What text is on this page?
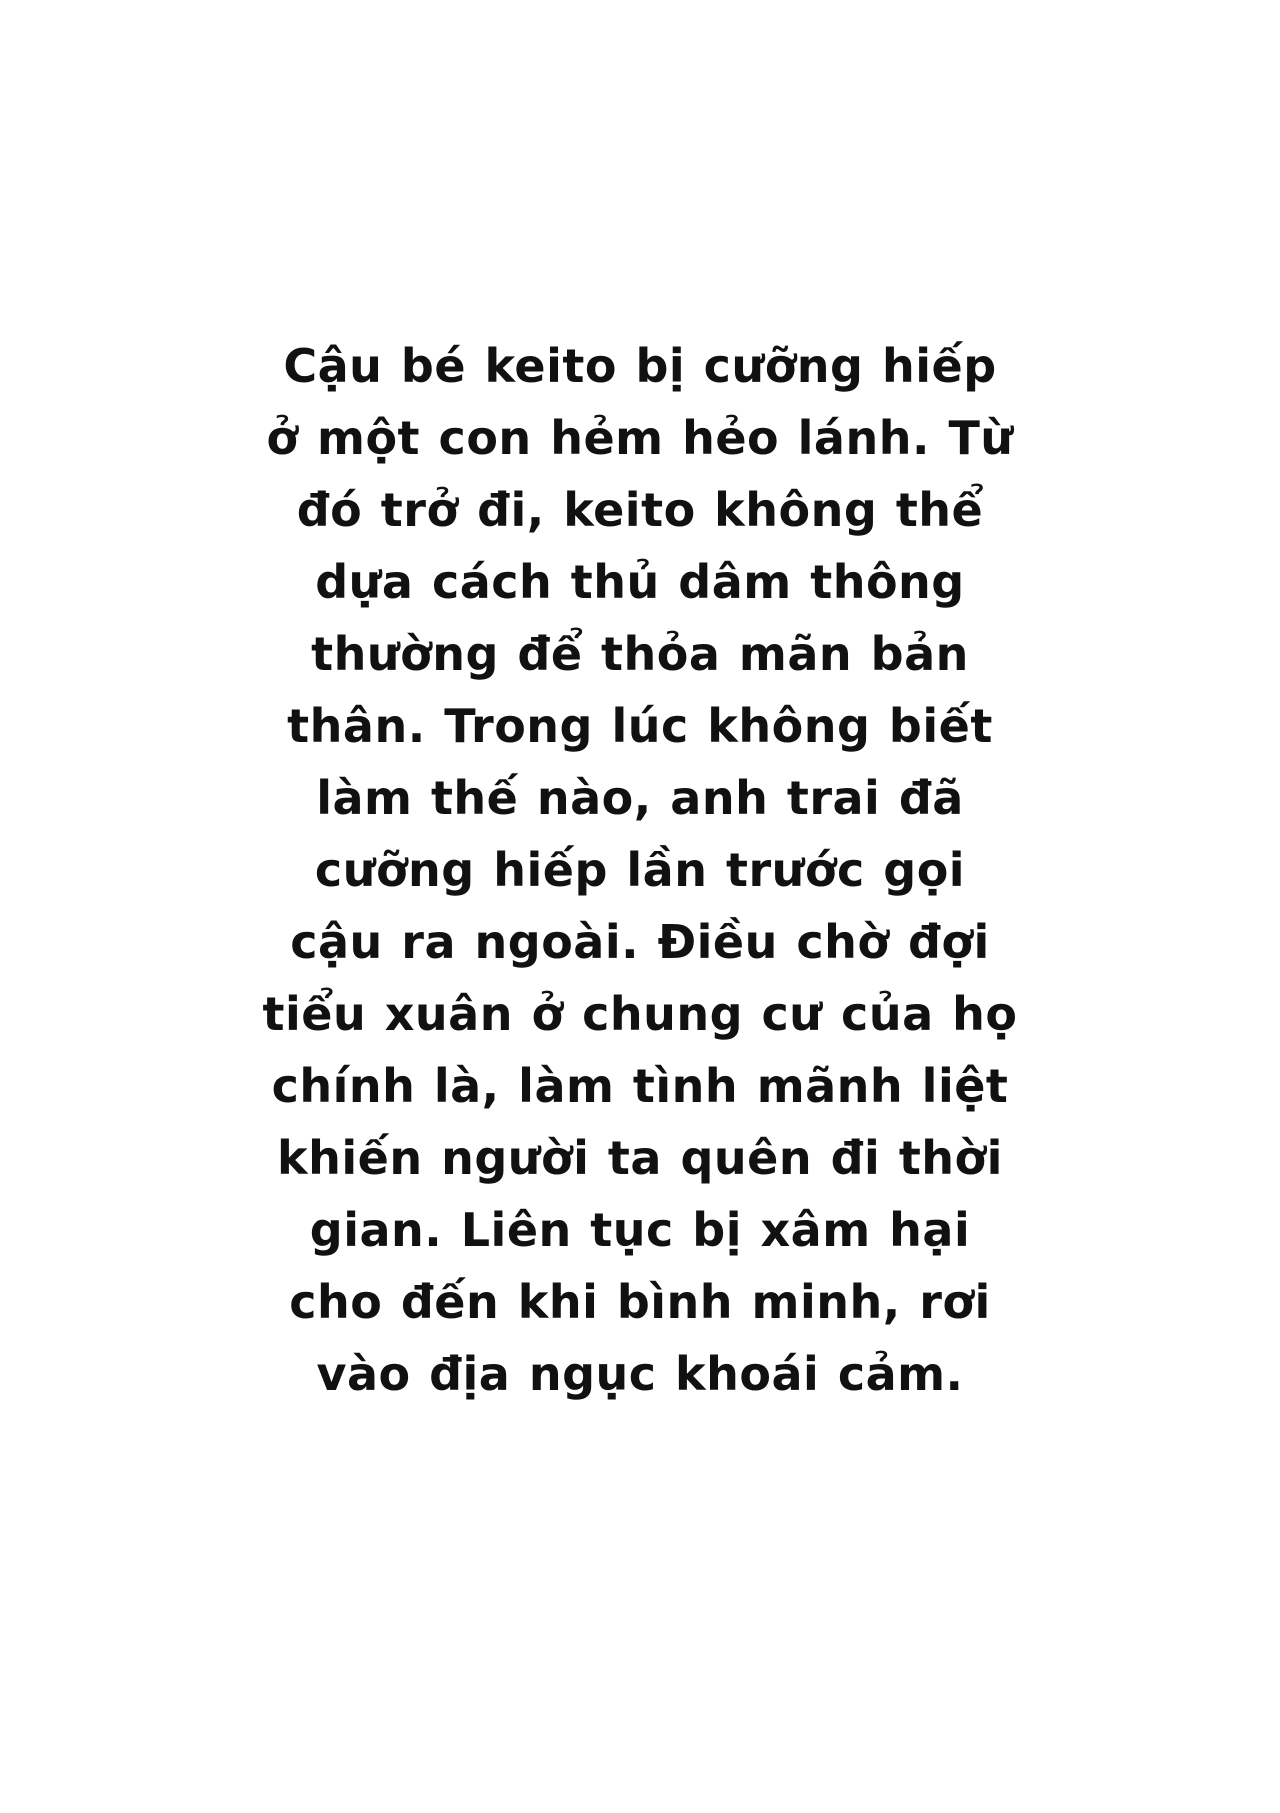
Cậu bé keito bị cưỡng hiếp ở một con hẻm hẻo lánh. Từ đó trở đi, keito không thể dựa cách thủ dâm thông thường để thỏa mãn bản thân. Trong lúc không biết làm thế nào, anh trai đã cưỡng hiếp lần trước gọi cậu ra ngoài. Điều chờ đợi tiểu xuân ở chung cư của họ chính là, làm tình mãnh liệt khiến người ta quên đi thời gian. Liên tục bị xâm hại cho đến khi bình minh, rơi vào địa ngục khoái cảm.
